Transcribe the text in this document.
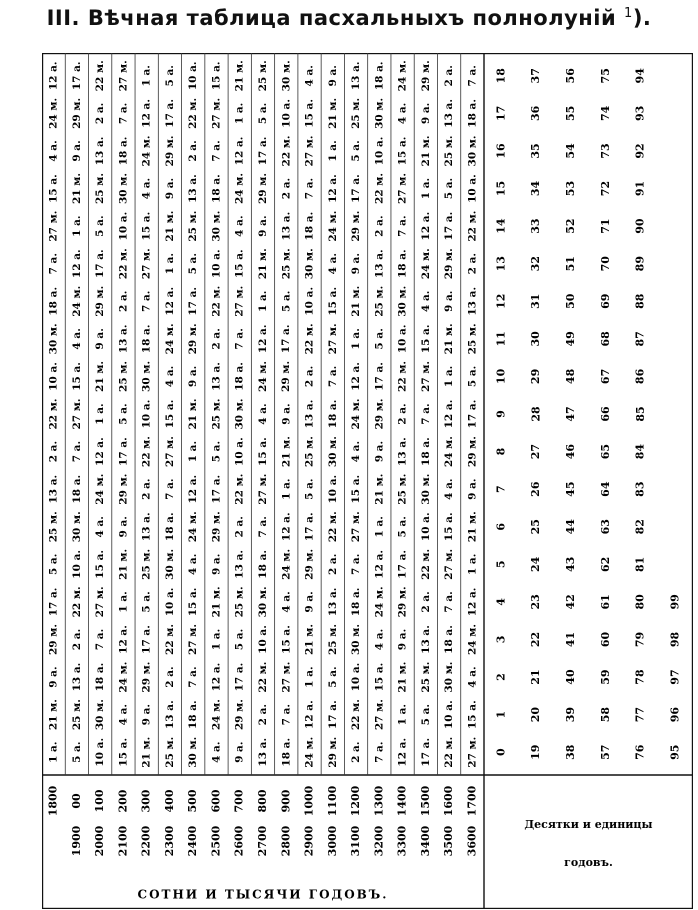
III. Вѣчная таблица пасхальныхъ полнолуній $^1$).
1 а.
21 м.
9 а.
29 м.
17 а.
5 а.
25 м.
13 а.
2 а.
22 м.
10 а.
30 м.
18 а.
7 а.
27 м.
15 а.
4 а.
24 м.
12 а.
5 а.
25 м.
13 а.
2 а.
22 м.
10 а.
30 м.
18 а.
7 а.
27 м.
15 а.
4 а.
24 м.
12 а.
1 а.
21 м.
9 а.
29 м.
17 а.
10 а.
30 м.
18 а.
7 а.
27 м.
15 а.
4 а.
24 м.
12 а.
1 а.
21 м.
9 а.
29 м.
17 а.
5 а.
25 м.
13 а.
2 а.
22 м.
15 а.
4 а.
24 м.
12 а.
1 а.
21 м.
9 а.
29 м.
17 а.
5 а.
25 м.
13 а.
2 а.
22 м.
10 а.
30 м.
18 а.
7 а.
27 м.
21 м.
9 а.
29 м.
17 а.
5 а.
25 м.
13 а.
2 а.
22 м.
10 а.
30 м.
18 а.
7 а.
27 м.
15 а.
4 а.
24 м.
12 а.
1 а.
25 м.
13 а.
2 а.
22 м.
10 а.
30 м.
18 а.
7 а.
27 м.
15 а.
4 а.
24 м.
12 а.
1 а.
21 м.
9 а.
29 м.
17 а.
5 а.
30 м.
18 а.
7 а.
27 м.
15 а.
4 а.
24 м.
12 а.
1 а.
21 м.
9 а.
29 м.
17 а.
5 а.
25 м.
13 а.
2 а.
22 м.
10 а.
4 а.
24 м.
12 а.
1 а.
21 м.
9 а.
29 м.
17 а.
5 а.
25 м.
13 а.
2 а.
22 м.
10 а.
30 м.
18 а.
7 а.
27 м.
15 а.
9 а.
29 м.
17 а.
5 а.
25 м.
13 а.
2 а.
22 м.
10 а.
30 м.
18 а.
7 а.
27 м.
15 а.
4 а.
24 м.
12 а.
1 а.
21 м.
13 а.
2 а.
22 м.
10 а.
30 м.
18 а.
7 а.
27 м.
15 а.
4 а.
24 м.
12 а.
1 а.
21 м.
9 а.
29 м.
17 а.
5 а.
25 м.
18 а.
7 а.
27 м.
15 а.
4 а.
24 м.
12 а.
1 а.
21 м.
9 а.
29 м.
17 а.
5 а.
25 м.
13 а.
2 а.
22 м.
10 а.
30 м.
24 м.
12 а.
1 а.
21 м.
9 а.
29 м.
17 а.
5 а.
25 м.
13 а.
2 а.
22 м.
10 а.
30 м.
18 а.
7 а.
27 м.
15 а.
4 а.
29 м.
17 а.
5 а.
25 м.
13 а.
2 а.
22 м.
10 а.
30 м.
18 а.
7 а.
27 м.
15 а.
4 а.
24 м.
12 а.
1 а.
21 м.
9 а.
2 а.
22 м.
10 а.
30 м.
18 а.
7 а.
27 м.
15 а.
4 а.
24 м.
12 а.
1 а.
21 м.
9 а.
29 м.
17 а.
5 а.
25 м.
13 а.
7 а.
27 м.
15 а.
4 а.
24 м.
12 а.
1 а.
21 м.
9 а.
29 м.
17 а.
5 а.
25 м.
13 а.
2 а.
22 м.
10 а.
30 м.
18 а.
12 а.
1 а.
21 м.
9 а.
29 м.
17 а.
5 а.
25 м.
13 а.
2 а.
22 м.
10 а.
30 м.
18 а.
7 а.
27 м.
15 а.
4 а.
24 м.
17 а.
5 а.
25 м.
13 а.
2 а.
22 м.
10 а.
30 м.
18 а.
7 а.
27 м.
15 а.
4 а.
24 м.
12 а.
1 а.
21 м.
9 а.
29 м.
22 м.
10 а.
30 м.
18 а.
7 а.
27 м.
15 а.
4 а.
24 м.
12 а.
1 а.
21 м.
9 а.
29 м.
17 а.
5 а.
25 м.
13 а.
2 а.
27 м.
15 а.
4 а.
24 м.
12 а.
1 а.
21 м.
9 а.
29 м.
17 а.
5 а.
25 м.
13 а.
2 а.
22 м.
10 а.
30 м.
18 а.
7 а.
1800 00
1900
100
2000
200
2100
300
2200
400
2300
500
2400
600
2500
700
2600
800
2700
900
2800
1000
2900
1100
3000
1200
3100
1300
3200
1400
3300
1500
3400
1600
3500
1700
3600
СОТНИ И ТЫСЯЧИ ГОДОВЪ.
0 19 38 57 76 95
1 20 39 58 77 96
2 21 40 59 78 97
3 22 41 60 79 98
4 23 42 61 80 99
5 24 43 62 81
6 25 44 63 82
7 26 45 64 83
8 27 46 65 84
9 28 47 66 85
10 29 48 67 86
11 30 49 68 87
12 31 50 69 88
13 32 51 70 89
14 33 52 71 90
15 34 53 72 91
16 35 54 73 92
17 36 55 74 93
18 37 56 75 94
Десятки и единицы
годовъ.
